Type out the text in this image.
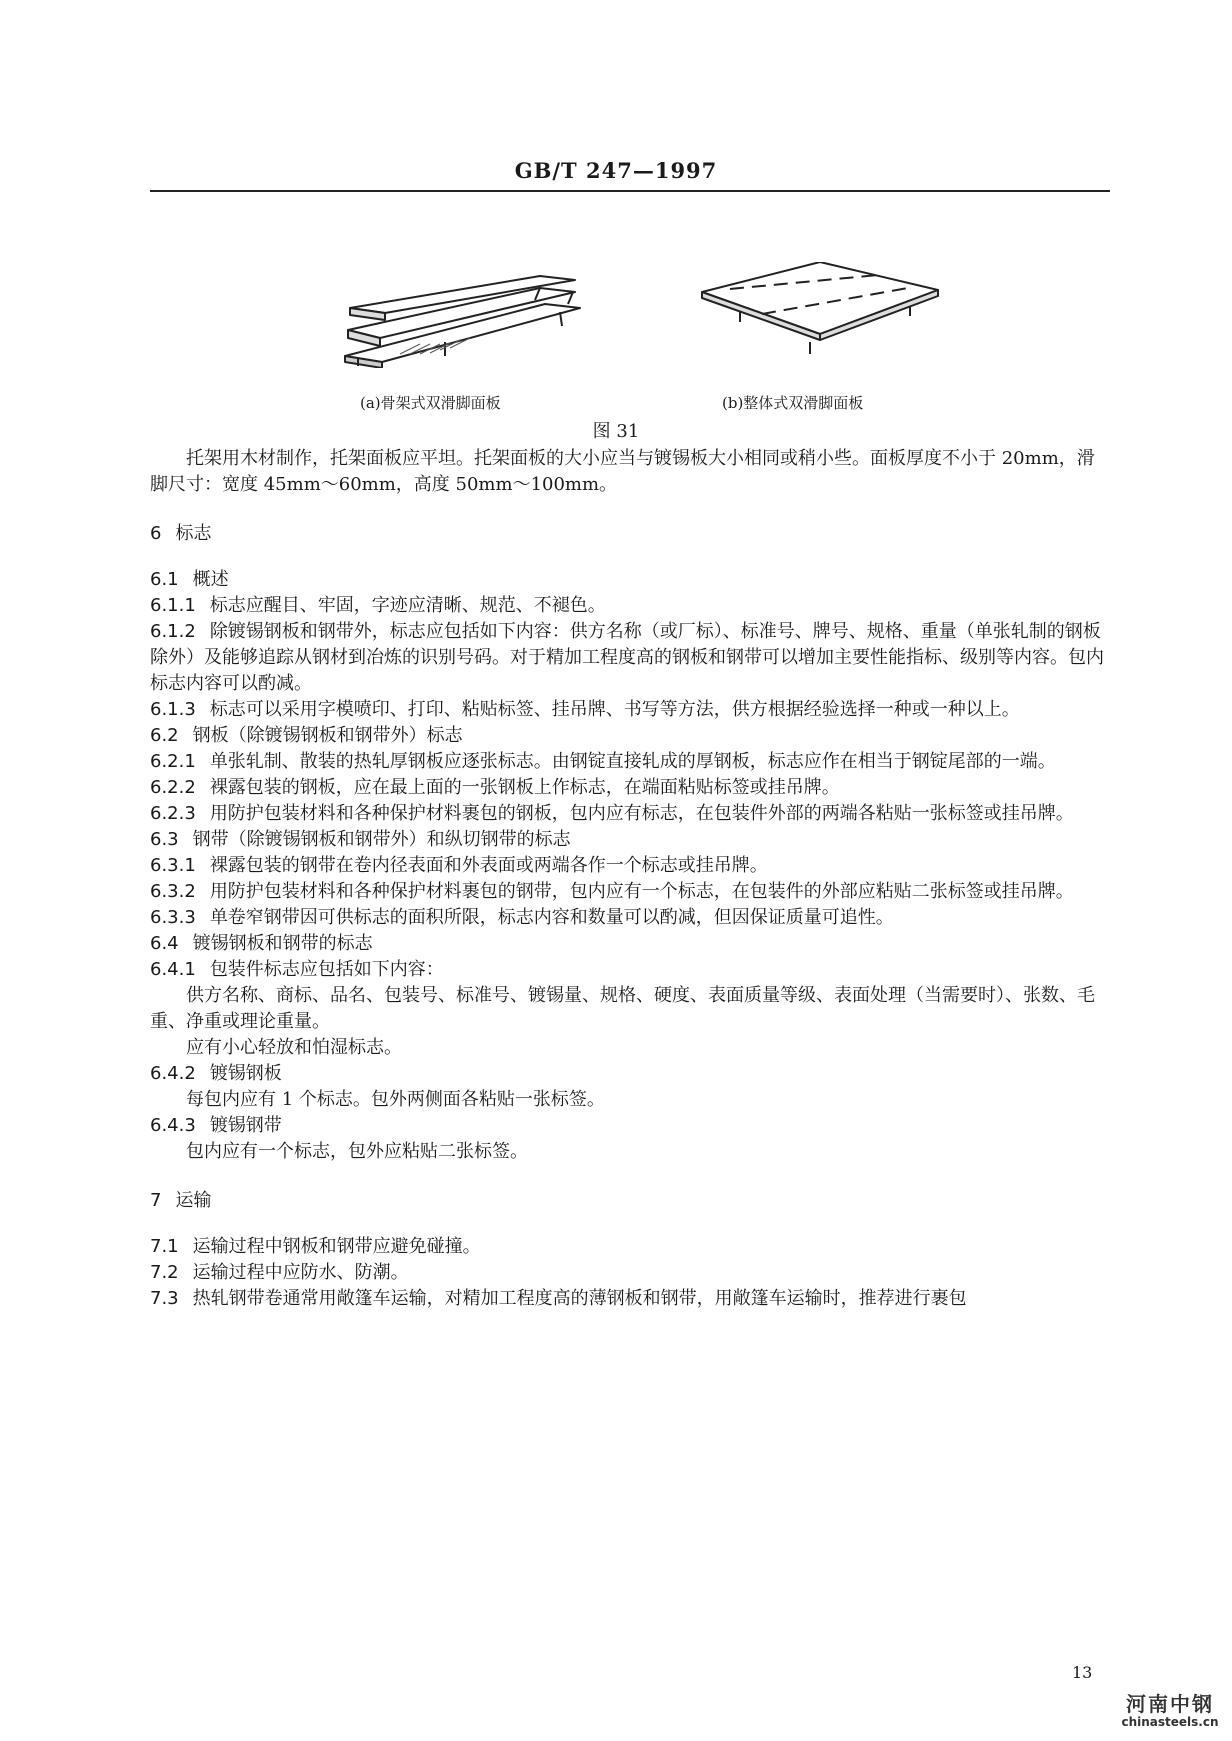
GB/T 247—1997
(a)骨架式双滑脚面板	(b)整体式双滑脚面板
图 31

托架用木材制作，托架面板应平坦。托架面板的大小应当与镀锡板大小相同或稍小些。面板厚度不小于 20mm，滑脚尺寸：宽度 45mm～60mm，高度 50mm～100mm。

6 标志

6.1 概述

6.1.1 标志应醒目、牢固，字迹应清晰、规范、不褪色。

6.1.2 除镀锡钢板和钢带外，标志应包括如下内容：供方名称（或厂标）、标准号、牌号、规格、重量（单张轧制的钢板除外）及能够追踪从钢材到冶炼的识别号码。对于精加工程度高的钢板和钢带可以增加主要性能指标、级别等内容。包内标志内容可以酌减。

6.1.3 标志可以采用字模喷印、打印、粘贴标签、挂吊牌、书写等方法，供方根据经验选择一种或一种以上。

6.2 钢板（除镀锡钢板和钢带外）标志

6.2.1 单张轧制、散装的热轧厚钢板应逐张标志。由钢锭直接轧成的厚钢板，标志应作在相当于钢锭尾部的一端。

6.2.2 裸露包装的钢板，应在最上面的一张钢板上作标志，在端面粘贴标签或挂吊牌。

6.2.3 用防护包装材料和各种保护材料裹包的钢板，包内应有标志，在包装件外部的两端各粘贴一张标签或挂吊牌。

6.3 钢带（除镀锡钢板和钢带外）和纵切钢带的标志

6.3.1 裸露包装的钢带在卷内径表面和外表面或两端各作一个标志或挂吊牌。

6.3.2 用防护包装材料和各种保护材料裹包的钢带，包内应有一个标志，在包装件的外部应粘贴二张标签或挂吊牌。

6.3.3 单卷窄钢带因可供标志的面积所限，标志内容和数量可以酌减，但因保证质量可追性。

6.4 镀锡钢板和钢带的标志

6.4.1 包装件标志应包括如下内容：

供方名称、商标、品名、包装号、标准号、镀锡量、规格、硬度、表面质量等级、表面处理（当需要时）、张数、毛重、净重或理论重量。

应有小心轻放和怕湿标志。

6.4.2 镀锡钢板

每包内应有 1 个标志。包外两侧面各粘贴一张标签。

6.4.3 镀锡钢带

包内应有一个标志，包外应粘贴二张标签。

7 运输

7.1 运输过程中钢板和钢带应避免碰撞。

7.2 运输过程中应防水、防潮。

7.3 热轧钢带卷通常用敞篷车运输，对精加工程度高的薄钢板和钢带，用敞篷车运输时，推荐进行裹包

13
河南中钢
chinasteels.cn
